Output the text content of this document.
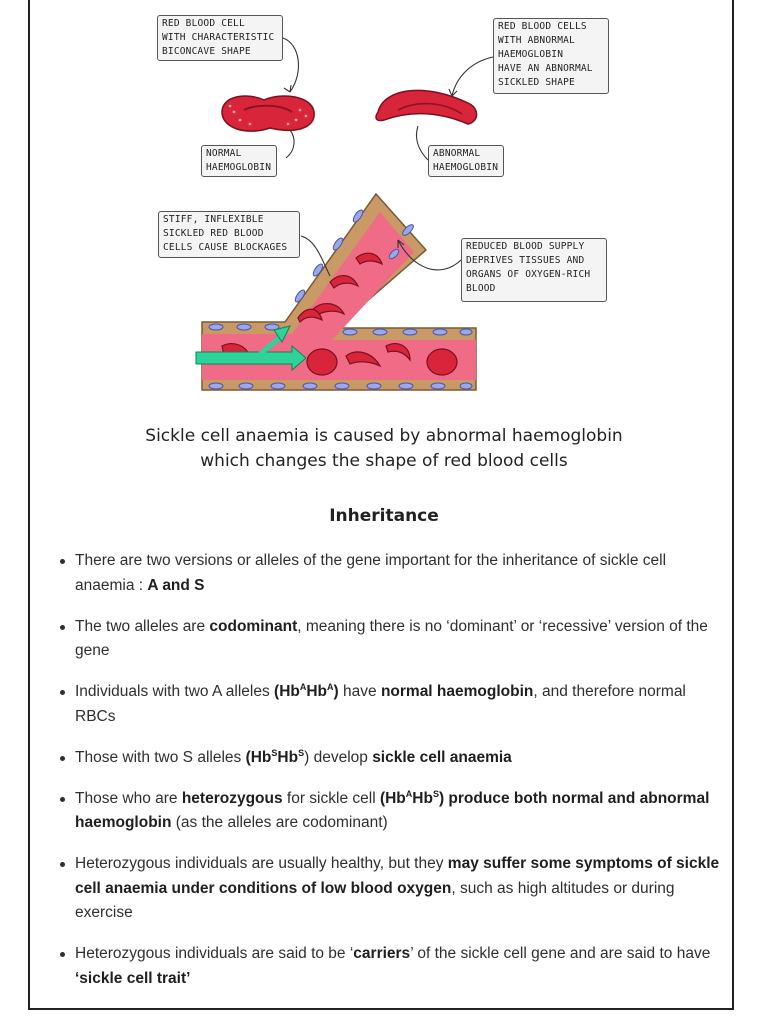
RED BLOOD CELL
WITH CHARACTERISTIC
BICONCAVE SHAPE
RED BLOOD CELLS
WITH ABNORMAL
HAEMOGLOBIN
HAVE AN ABNORMAL
SICKLED SHAPE
NORMAL
HAEMOGLOBIN
ABNORMAL
HAEMOGLOBIN
STIFF, INFLEXIBLE
SICKLED RED BLOOD
CELLS CAUSE BLOCKAGES	REDUCED BLOOD SUPPLY
DEPRIVES TISSUES AND
ORGANS OF OXYGEN-RICH
BLOOD
Sickle cell anaemia is caused by abnormal haemoglobin
which changes the shape of red blood cells
Inheritance
There are two versions or alleles of the gene important for the inheritance of sickle cell anaemia : A and S
The two alleles are codominant, meaning there is no ‘dominant’ or ‘recessive’ version of the gene
Individuals with two A alleles $(Hb^AHb^A)$ have normal haemoglobin, and therefore normal RBCs
Those with two S alleles $(Hb^SHb^S)$ develop sickle cell anaemia
Those who are heterozygous for sickle cell $(Hb^AHb^S)$ produce both normal and abnormal haemoglobin (as the alleles are codominant)
Heterozygous individuals are usually healthy, but they may suffer some symptoms of sickle cell anaemia under conditions of low blood oxygen, such as high altitudes or during exercise
Heterozygous individuals are said to be ‘carriers’ of the sickle cell gene and are said to have ‘sickle cell trait’
